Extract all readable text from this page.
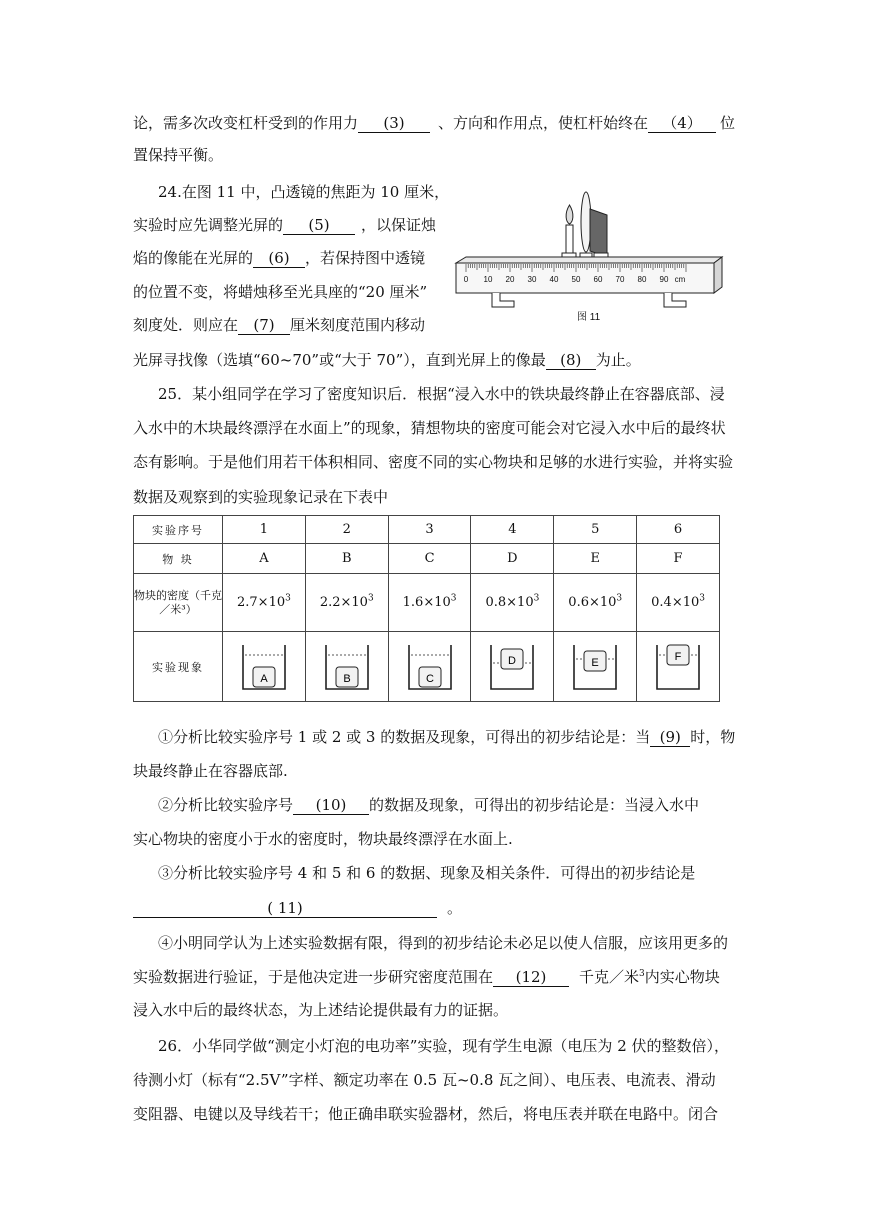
论，需多次改变杠杆受到的作用力 (3) 、方向和作用点，使杠杆始终在 （4） 位
置保持平衡。
24.在图 11 中，凸透镜的焦距为 10 厘米，
实验时应先调整光屏的 (5) ，以保证烛
焰的像能在光屏的 (6) ，若保持图中透镜
的位置不变，将蜡烛移至光具座的“20 厘米”
刻度处．则应在 (7) 厘米刻度范围内移动
光屏寻找像（选填“60~70”或“大于 70”），直到光屏上的像最 (8) 为止。
0 10 20 30 40 50 60 70 80 90 cm
图 11
25．某小组同学在学习了密度知识后．根据“浸入水中的铁块最终静止在容器底部、浸
入水中的木块最终漂浮在水面上”的现象，猜想物块的密度可能会对它浸入水中后的最终状
态有影响。于是他们用若干体积相同、密度不同的实心物块和足够的水进行实验，并将实验
数据及观察到的实验现象记录在下表中
实验序号	1	2	3	4	5	6
物 块	A	B	C	D	E	F
物块的密度（千克／米³）	$2.7\times 10^3$	$2.2\times 10^3$	$1.6\times 10^3$	$0.8\times 10^3$	$0.6\times 10^3$	$0.4\times 10^3$
实验现象	A	B	C	D	E	F
①分析比较实验序号 1 或 2 或 3 的数据及现象，可得出的初步结论是：当 (9) 时，物
块最终静止在容器底部.
②分析比较实验序号 (10) 的数据及现象，可得出的初步结论是：当浸入水中
实心物块的密度小于水的密度时，物块最终漂浮在水面上.
③分析比较实验序号 4 和 5 和 6 的数据、现象及相关条件．可得出的初步结论是
( 11)	。
④小明同学认为上述实验数据有限，得到的初步结论未必足以使人信服，应该用更多的
实验数据进行验证，于是他决定进一步研究密度范围在 (12) 千克／米$^3$内实心物块
浸入水中后的最终状态，为上述结论提供最有力的证据。
26．小华同学做“测定小灯泡的电功率”实验，现有学生电源（电压为 2 伏的整数倍），
待测小灯（标有“2.5V”字样、额定功率在 0.5 瓦~0.8 瓦之间）、电压表、电流表、滑动
变阻器、电键以及导线若干；他正确串联实验器材，然后，将电压表并联在电路中。闭合
